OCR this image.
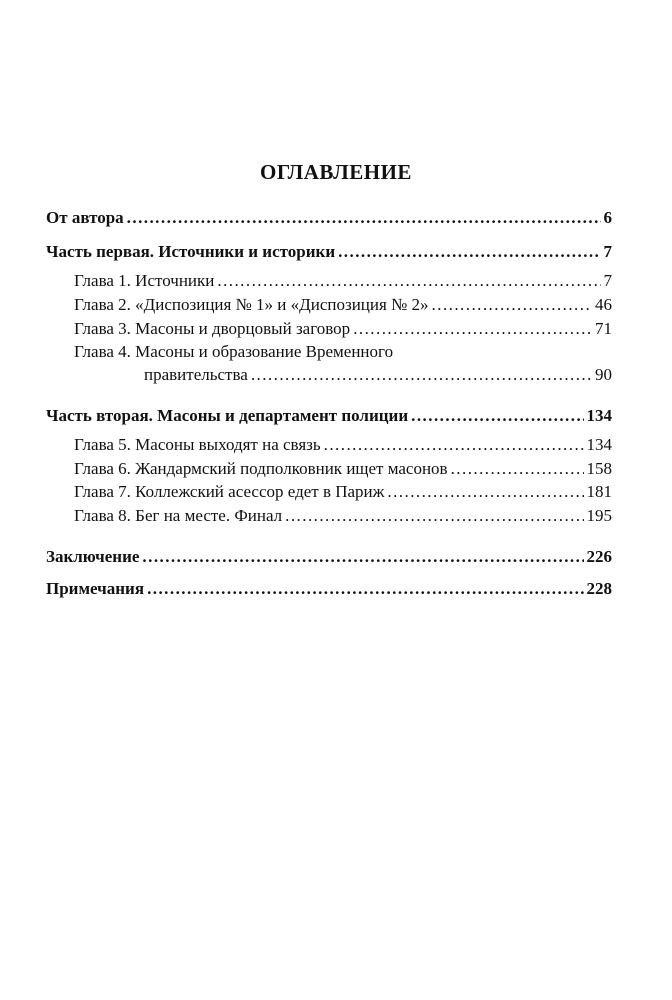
ОГЛАВЛЕНИЕ
От автора . . .	6
Часть первая. Источники и историки . . .	7
Глава 1. Источники . . .	7
Глава 2. «Диспозиция № 1» и «Диспозиция № 2» . . .	46
Глава 3. Масоны и дворцовый заговор . . .	71
Глава 4. Масоны и образование Временного
правительства . . .	90
Часть вторая. Масоны и департамент полиции . . .	134
Глава 5. Масоны выходят на связь . . .	134
Глава 6. Жандармский подполковник ищет масонов . . .	158
Глава 7. Коллежский асессор едет в Париж . . .	181
Глава 8. Бег на месте. Финал . . .	195
Заключение . . .	226
Примечания . . .	228
